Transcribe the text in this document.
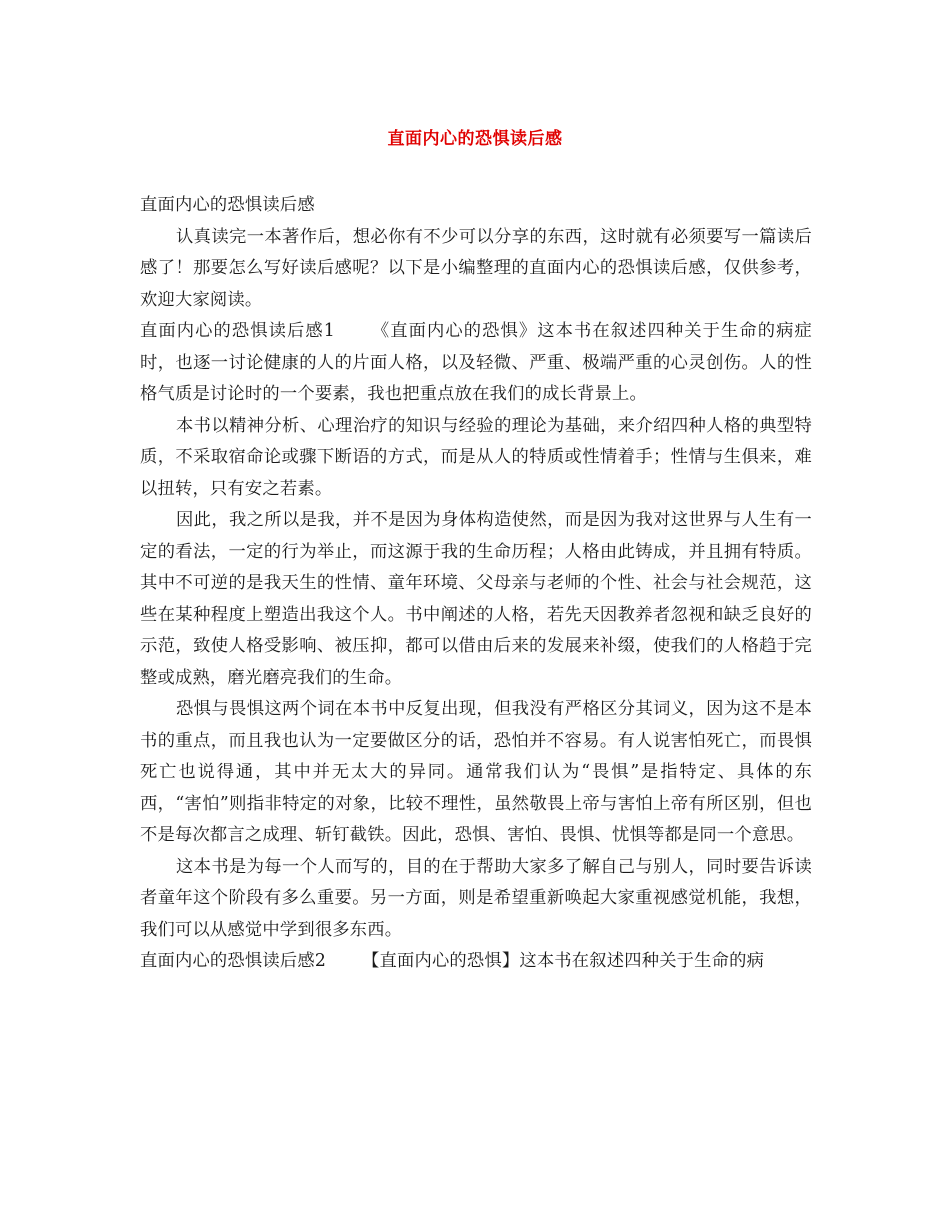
直面内心的恐惧读后感

直面内心的恐惧读后感

认真读完一本著作后，想必你有不少可以分享的东西，这时就有必须要写一篇读后感了！那要怎么写好读后感呢？以下是小编整理的直面内心的恐惧读后感，仅供参考，欢迎大家阅读。

直面内心的恐惧读后感1 《直面内心的恐惧》这本书在叙述四种关于生命的病症时，也逐一讨论健康的人的片面人格，以及轻微、严重、极端严重的心灵创伤。人的性格气质是讨论时的一个要素，我也把重点放在我们的成长背景上。

本书以精神分析、心理治疗的知识与经验的理论为基础，来介绍四种人格的典型特质，不采取宿命论或骤下断语的方式，而是从人的特质或性情着手；性情与生俱来，难以扭转，只有安之若素。

因此，我之所以是我，并不是因为身体构造使然，而是因为我对这世界与人生有一定的看法，一定的行为举止，而这源于我的生命历程；人格由此铸成，并且拥有特质。其中不可逆的是我天生的性情、童年环境、父母亲与老师的个性、社会与社会规范，这些在某种程度上塑造出我这个人。书中阐述的人格，若先天因教养者忽视和缺乏良好的示范，致使人格受影响、被压抑，都可以借由后来的发展来补缀，使我们的人格趋于完整或成熟，磨光磨亮我们的生命。

恐惧与畏惧这两个词在本书中反复出现，但我没有严格区分其词义，因为这不是本书的重点，而且我也认为一定要做区分的话，恐怕并不容易。有人说害怕死亡，而畏惧死亡也说得通，其中并无太大的异同。通常我们认为“畏惧”是指特定、具体的东西，“害怕”则指非特定的对象，比较不理性，虽然敬畏上帝与害怕上帝有所区别，但也不是每次都言之成理、斩钉截铁。因此，恐惧、害怕、畏惧、忧惧等都是同一个意思。

这本书是为每一个人而写的，目的在于帮助大家多了解自己与别人，同时要告诉读者童年这个阶段有多么重要。另一方面，则是希望重新唤起大家重视感觉机能，我想，我们可以从感觉中学到很多东西。

直面内心的恐惧读后感2 【直面内心的恐惧】这本书在叙述四种关于生命的病
